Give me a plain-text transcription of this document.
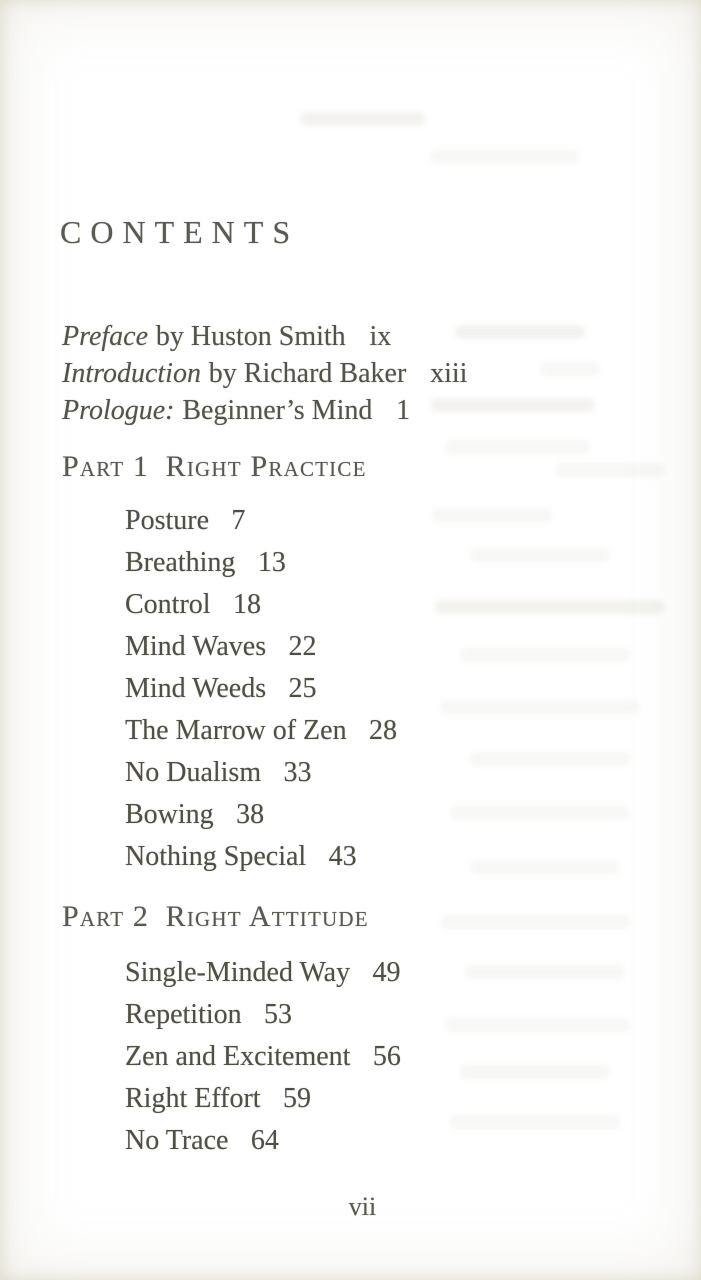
CONTENTS
Preface by Huston Smith ix
Introduction by Richard Baker xiii
Prologue: Beginner’s Mind 1
Part 1 Right Practice
Posture 7
Breathing 13
Control 18
Mind Waves 22
Mind Weeds 25
The Marrow of Zen 28
No Dualism 33
Bowing 38
Nothing Special 43
Part 2 Right Attitude
Single-Minded Way 49
Repetition 53
Zen and Excitement 56
Right Effort 59
No Trace 64
vii
